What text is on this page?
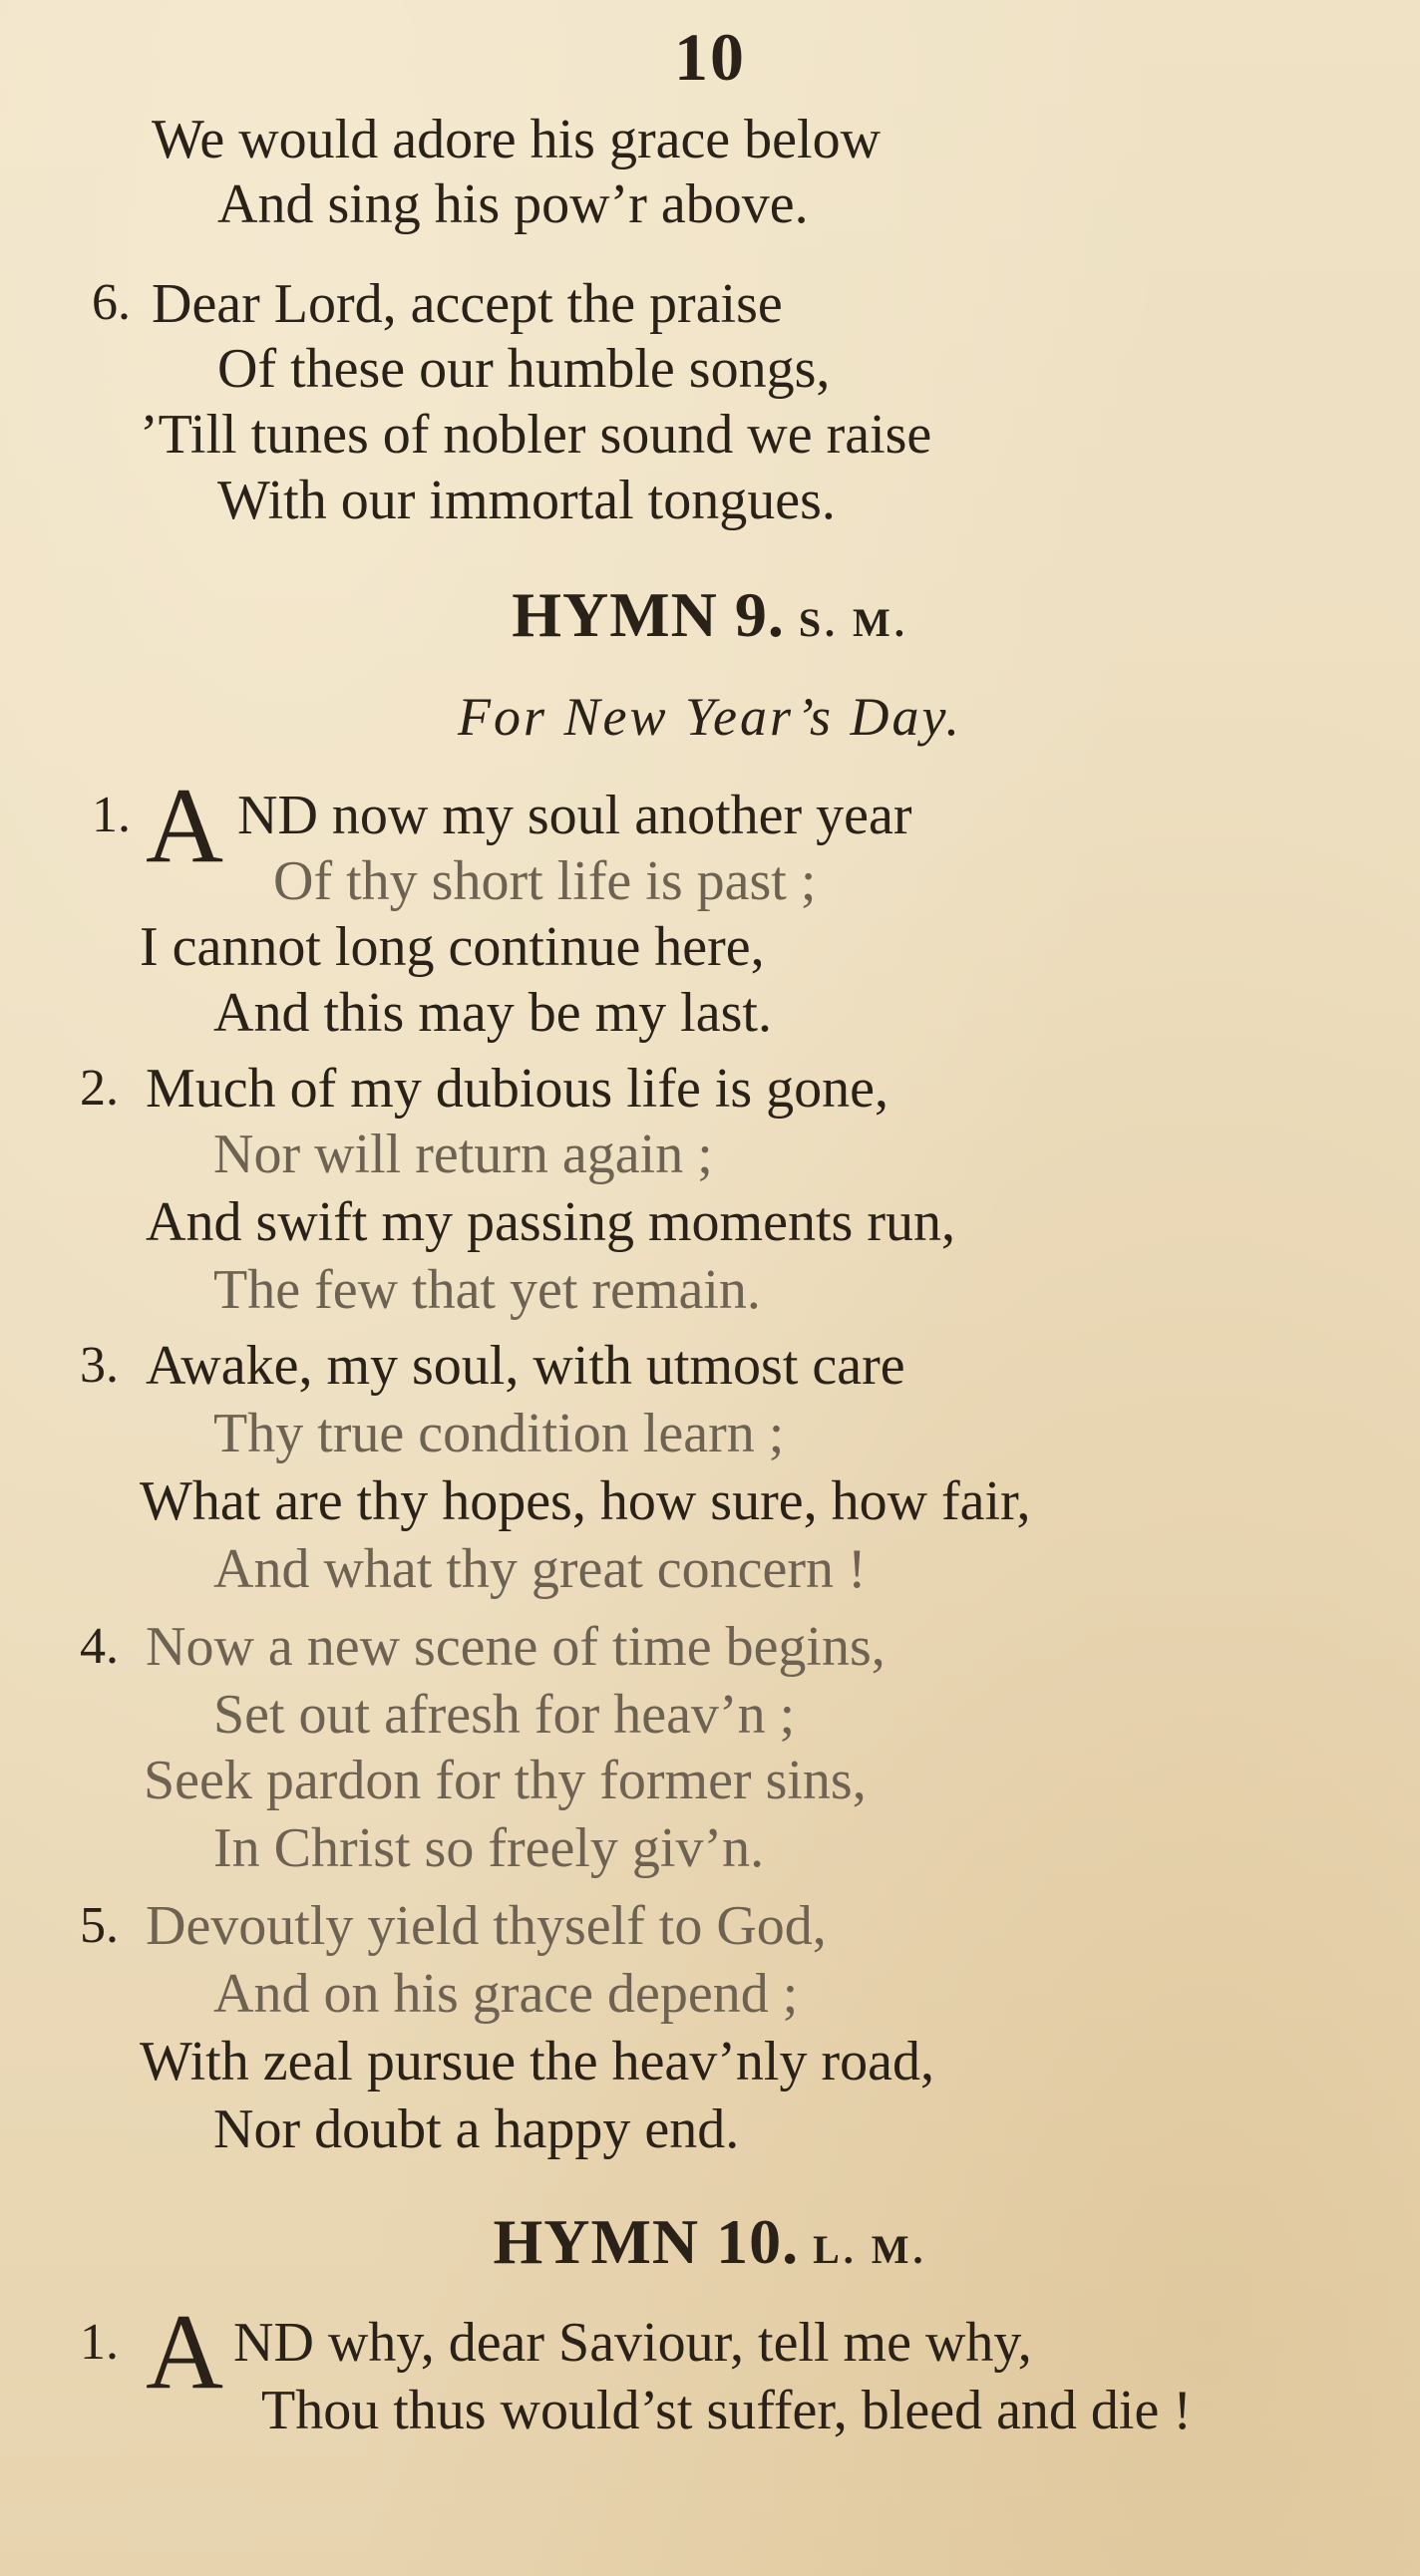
10
We would adore his grace below
And sing his pow’r above.
6. Dear Lord, accept the praise
Of these our humble songs,
’Till tunes of nobler sound we raise
With our immortal tongues.
HYMN 9. S. M.
For New Year’s Day.
1. A ND now my soul another year
Of thy short life is past ;
I cannot long continue here,
And this may be my last.
2. Much of my dubious life is gone,
Nor will return again ;
And swift my passing moments run,
The few that yet remain.
3. Awake, my soul, with utmost care
Thy true condition learn ;
What are thy hopes, how sure, how fair,
And what thy great concern !
4. Now a new scene of time begins,
Set out afresh for heav’n ;
Seek pardon for thy former sins,
In Christ so freely giv’n.
5. Devoutly yield thyself to God,
And on his grace depend ;
With zeal pursue the heav’nly road,
Nor doubt a happy end.
HYMN 10. L. M.
1. A ND why, dear Saviour, tell me why,
Thou thus would’st suffer, bleed and die !
